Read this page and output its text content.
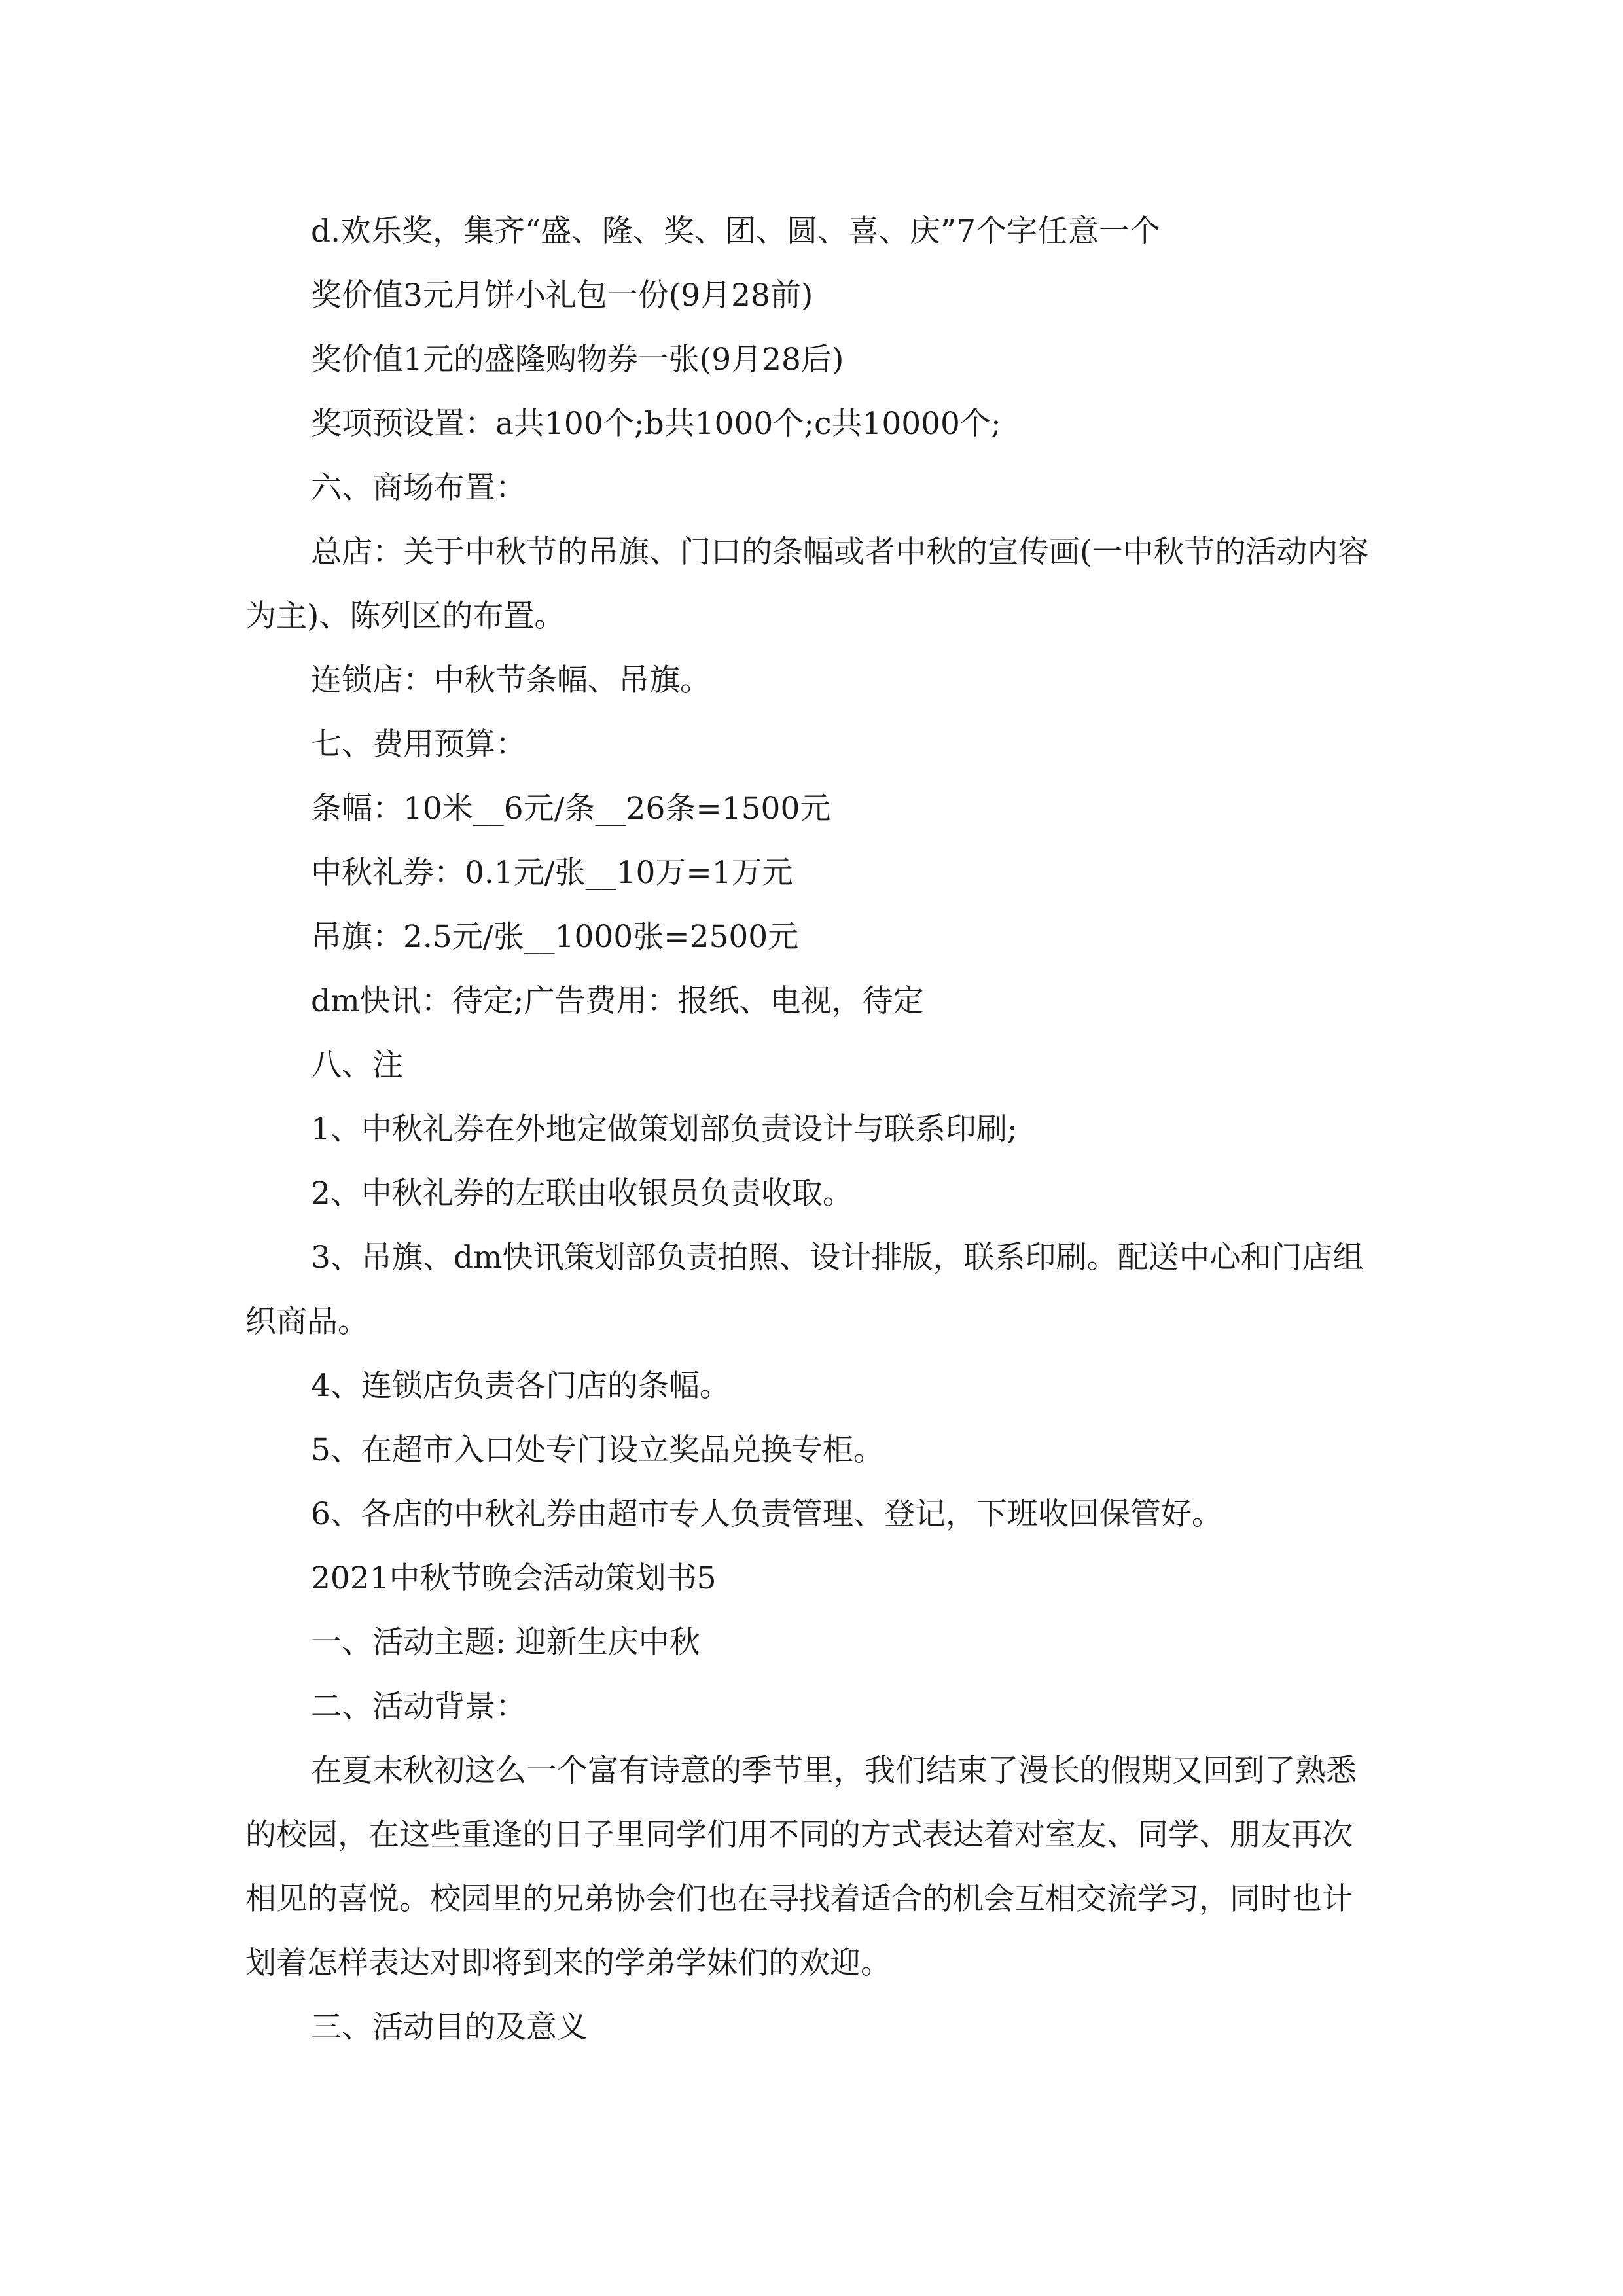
d.欢乐奖，集齐“盛、隆、奖、团、圆、喜、庆”7个字任意一个

奖价值3元月饼小礼包一份(9月28前)

奖价值1元的盛隆购物券一张(9月28后)

奖项预设置：a共100个;b共1000个;c共10000个;

六、商场布置：

总店：关于中秋节的吊旗、门口的条幅或者中秋的宣传画(一中秋节的活动内容为主)、陈列区的布置。

连锁店：中秋节条幅、吊旗。

七、费用预算：

条幅：10米__6元/条__26条=1500元

中秋礼券：0.1元/张__10万=1万元

吊旗：2.5元/张__1000张=2500元

dm快讯：待定;广告费用：报纸、电视，待定

八、注

1、中秋礼券在外地定做策划部负责设计与联系印刷;

2、中秋礼券的左联由收银员负责收取。

3、吊旗、dm快讯策划部负责拍照、设计排版，联系印刷。配送中心和门店组织商品。

4、连锁店负责各门店的条幅。

5、在超市入口处专门设立奖品兑换专柜。

6、各店的中秋礼券由超市专人负责管理、登记，下班收回保管好。

2021中秋节晚会活动策划书5

一、活动主题: 迎新生庆中秋

二、活动背景：

在夏末秋初这么一个富有诗意的季节里，我们结束了漫长的假期又回到了熟悉的校园，在这些重逢的日子里同学们用不同的方式表达着对室友、同学、朋友再次相见的喜悦。校园里的兄弟协会们也在寻找着适合的机会互相交流学习，同时也计划着怎样表达对即将到来的学弟学妹们的欢迎。

三、活动目的及意义
